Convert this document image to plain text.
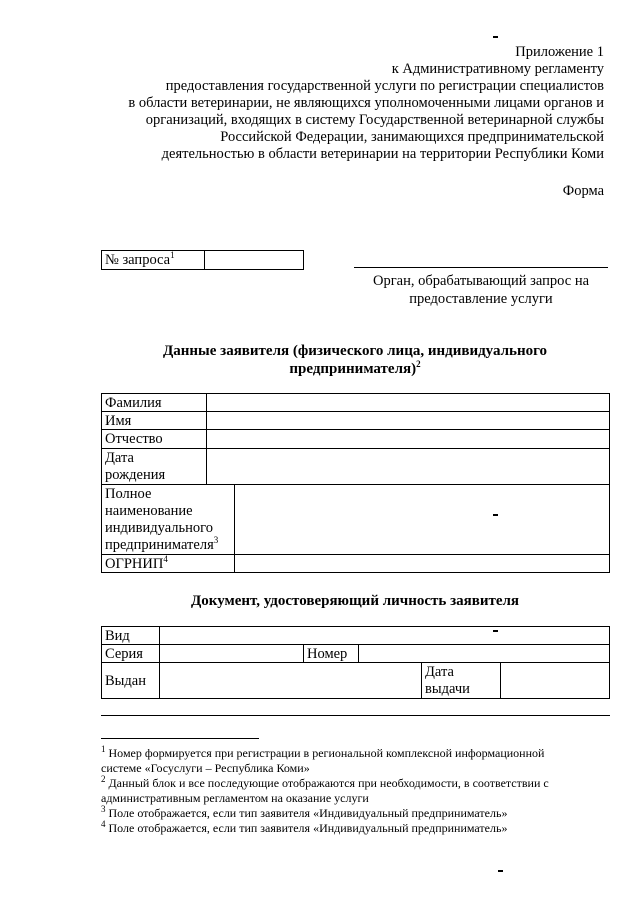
Приложение 1
к Административному регламенту
предоставления государственной услуги по регистрации специалистов
в области ветеринарии, не являющихся уполномоченными лицами органов и
организаций, входящих в систему Государственной ветеринарной службы
Российской Федерации, занимающихся предпринимательской
деятельностью в области ветеринарии на территории Республики Коми
Форма
№ запроса$^1$
Орган, обрабатывающий запрос на
предоставление услуги
Данные заявителя (физического лица, индивидуального
предпринимателя)$^2$
Фамилия
Имя
Отчество
Дата
рождения
Полное
наименование
индивидуального
предпринимателя$^3$
ОГРНИП$^4$
Документ, удостоверяющий личность заявителя
Вид
Серия	Номер
Выдан
Дата
выдачи
$^1$ Номер формируется при регистрации в региональной комплексной информационной
системе «Госуслуги – Республика Коми»
$^2$ Данный блок и все последующие отображаются при необходимости, в соответствии с
административным регламентом на оказание услуги
$^3$ Поле отображается, если тип заявителя «Индивидуальный предприниматель»
$^4$ Поле отображается, если тип заявителя «Индивидуальный предприниматель»
